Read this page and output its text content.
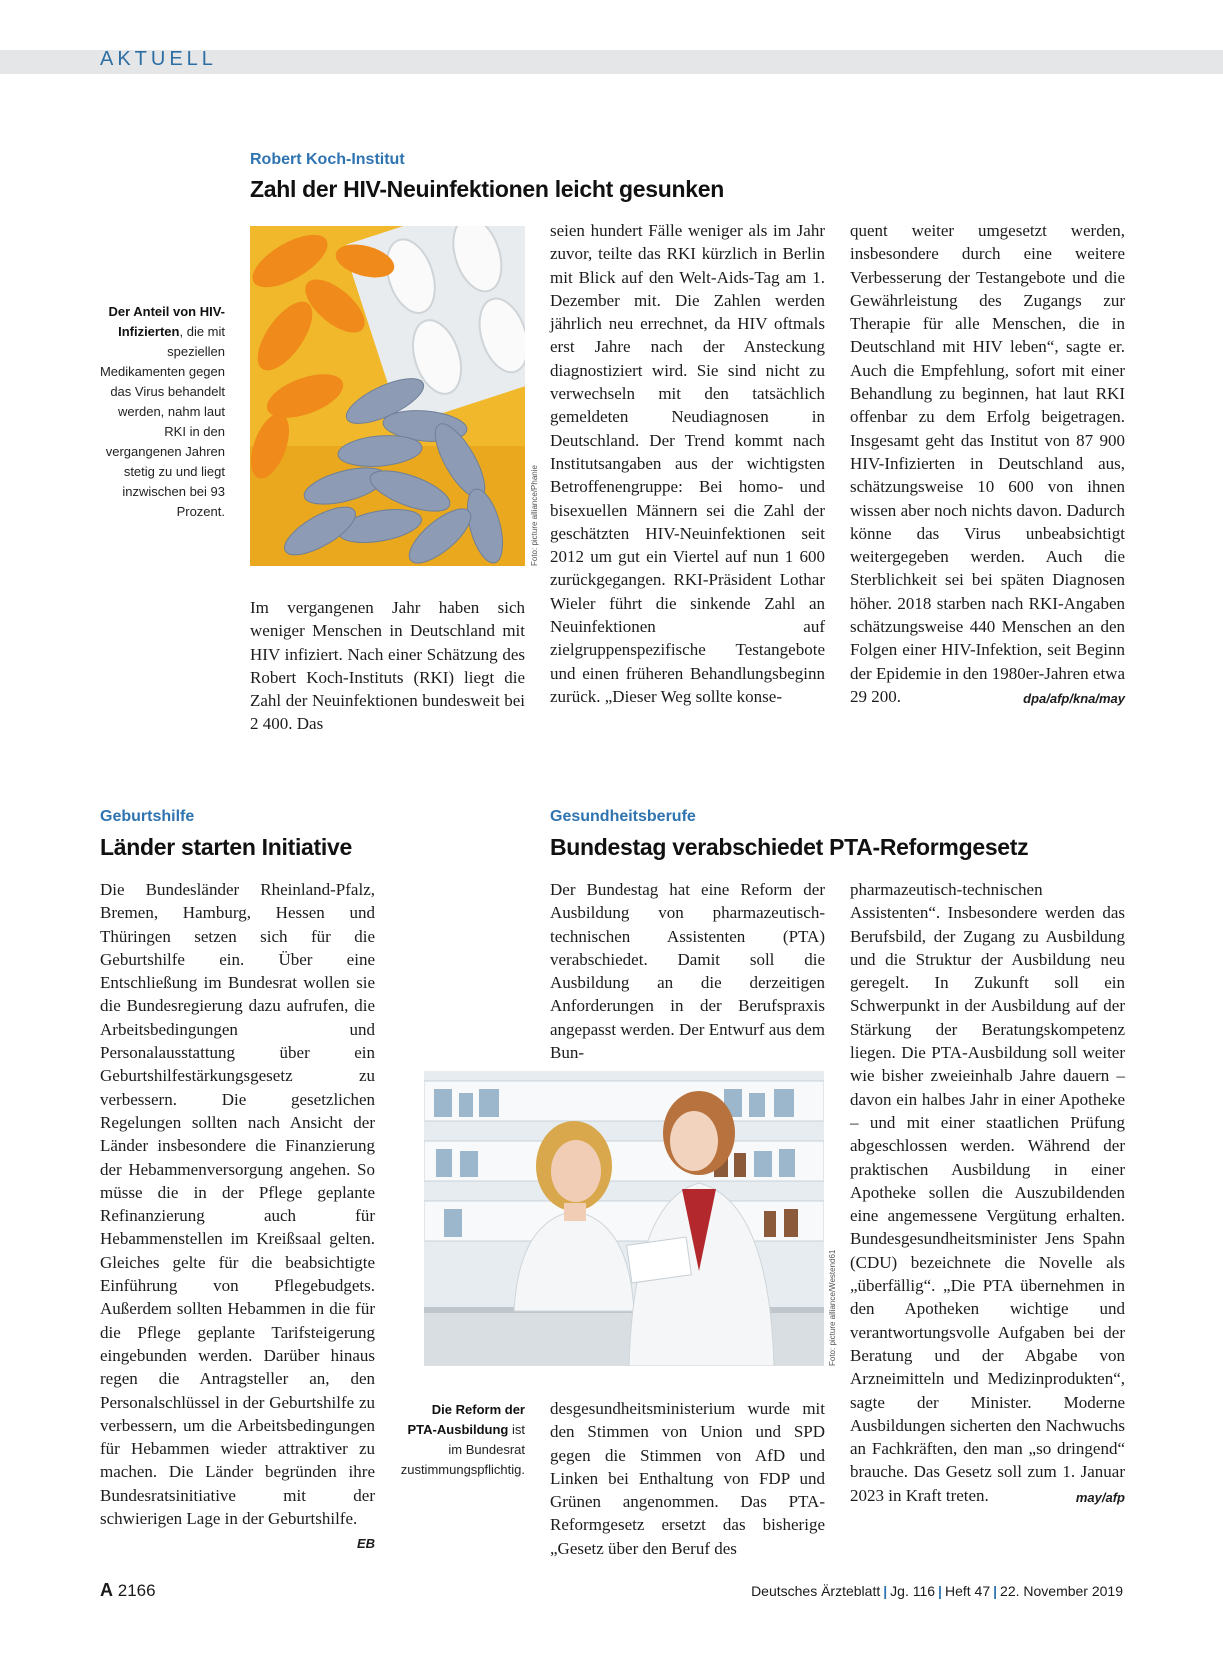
AKTUELL
Robert Koch-Institut
Zahl der HIV-Neuinfektionen leicht gesunken
Der Anteil von HIV-Infizierten, die mit speziellen Medikamenten gegen das Virus behandelt werden, nahm laut RKI in den vergangenen Jahren stetig zu und liegt inzwischen bei 93 Prozent.	Foto: picture alliance/Phanie
Im vergangenen Jahr haben sich weniger Menschen in Deutschland mit HIV infiziert. Nach einer Schätzung des Robert Koch-Instituts (RKI) liegt die Zahl der Neuinfektionen bundesweit bei 2 400. Das
seien hundert Fälle weniger als im Jahr zuvor, teilte das RKI kürzlich in Berlin mit Blick auf den Welt-Aids-Tag am 1. Dezember mit. Die Zahlen werden jährlich neu errechnet, da HIV oftmals erst Jahre nach der Ansteckung diagnostiziert wird. Sie sind nicht zu verwechseln mit den tatsächlich gemeldeten Neudiagnosen in Deutschland. Der Trend kommt nach Institutsangaben aus der wichtigsten Betroffenengruppe: Bei homo- und bisexuellen Männern sei die Zahl der geschätzten HIV-Neuinfektionen seit 2012 um gut ein Viertel auf nun 1 600 zurückgegangen. RKI-Präsident Lothar Wieler führt die sinkende Zahl an Neuinfektionen auf zielgruppenspezifische Testangebote und einen früheren Behandlungsbeginn zurück. „Dieser Weg sollte konse-
quent weiter umgesetzt werden, insbesondere durch eine weitere Verbesserung der Testangebote und die Gewährleistung des Zugangs zur Therapie für alle Menschen, die in Deutschland mit HIV leben“, sagte er. Auch die Empfehlung, sofort mit einer Behandlung zu beginnen, hat laut RKI offenbar zu dem Erfolg beigetragen. Insgesamt geht das Institut von 87 900 HIV-Infizierten in Deutschland aus, schätzungsweise 10 600 von ihnen wissen aber noch nichts davon. Dadurch könne das Virus unbeabsichtigt weitergegeben werden. Auch die Sterblichkeit sei bei späten Diagnosen höher. 2018 starben nach RKI-Angaben schätzungsweise 440 Menschen an den Folgen einer HIV-Infektion, seit Beginn der Epidemie in den 1980er-Jahren etwa 29 200.	dpa/afp/kna/may
Geburtshilfe
Länder starten Initiative
Die Bundesländer Rheinland-Pfalz, Bremen, Hamburg, Hessen und Thüringen setzen sich für die Geburtshilfe ein. Über eine Entschließung im Bundesrat wollen sie die Bundesregierung dazu aufrufen, die Arbeitsbedingungen und Personalausstattung über ein Geburtshilfestärkungsgesetz zu verbessern. Die gesetzlichen Regelungen sollten nach Ansicht der Länder insbesondere die Finanzierung der Hebammenversorgung angehen. So müsse die in der Pflege geplante Refinanzierung auch für Hebammenstellen im Kreißsaal gelten. Gleiches gelte für die beabsichtigte Einführung von Pflegebudgets. Außerdem sollten Hebammen in die für die Pflege geplante Tarifsteigerung eingebunden werden. Darüber hinaus regen die Antragsteller an, den Personalschlüssel in der Geburtshilfe zu verbessern, um die Arbeitsbedingungen für Hebammen wieder attraktiver zu machen. Die Länder begründen ihre Bundesratsinitiative mit der schwierigen Lage in der Geburtshilfe.
EB
Gesundheitsberufe
Bundestag verabschiedet PTA-Reformgesetz
Der Bundestag hat eine Reform der Ausbildung von pharmazeutisch-technischen Assistenten (PTA) verabschiedet. Damit soll die Ausbildung an die derzeitigen Anforderungen in der Berufspraxis angepasst werden. Der Entwurf aus dem Bun-
Foto: picture alliance/Westend61
Die Reform der PTA-Ausbildung ist im Bundesrat zustimmungspflichtig.
desgesundheitsministerium wurde mit den Stimmen von Union und SPD gegen die Stimmen von AfD und Linken bei Enthaltung von FDP und Grünen angenommen. Das PTA-Reformgesetz ersetzt das bisherige „Gesetz über den Beruf des
pharmazeutisch-technischen Assistenten“. Insbesondere werden das Berufsbild, der Zugang zu Ausbildung und die Struktur der Ausbildung neu geregelt. In Zukunft soll ein Schwerpunkt in der Ausbildung auf der Stärkung der Beratungskompetenz liegen. Die PTA-Ausbildung soll weiter wie bisher zweieinhalb Jahre dauern – davon ein halbes Jahr in einer Apotheke – und mit einer staatlichen Prüfung abgeschlossen werden. Während der praktischen Ausbildung in einer Apotheke sollen die Auszubildenden eine angemessene Vergütung erhalten. Bundesgesundheitsminister Jens Spahn (CDU) bezeichnete die Novelle als „überfällig“. „Die PTA übernehmen in den Apotheken wichtige und verantwortungsvolle Aufgaben bei der Beratung und der Abgabe von Arzneimitteln und Medizinprodukten“, sagte der Minister. Moderne Ausbildungen sicherten den Nachwuchs an Fachkräften, den man „so dringend“ brauche. Das Gesetz soll zum 1. Januar 2023 in Kraft treten.	may/afp
A 2166	Deutsches Ärzteblatt | Jg. 116 | Heft 47 | 22. November 2019
